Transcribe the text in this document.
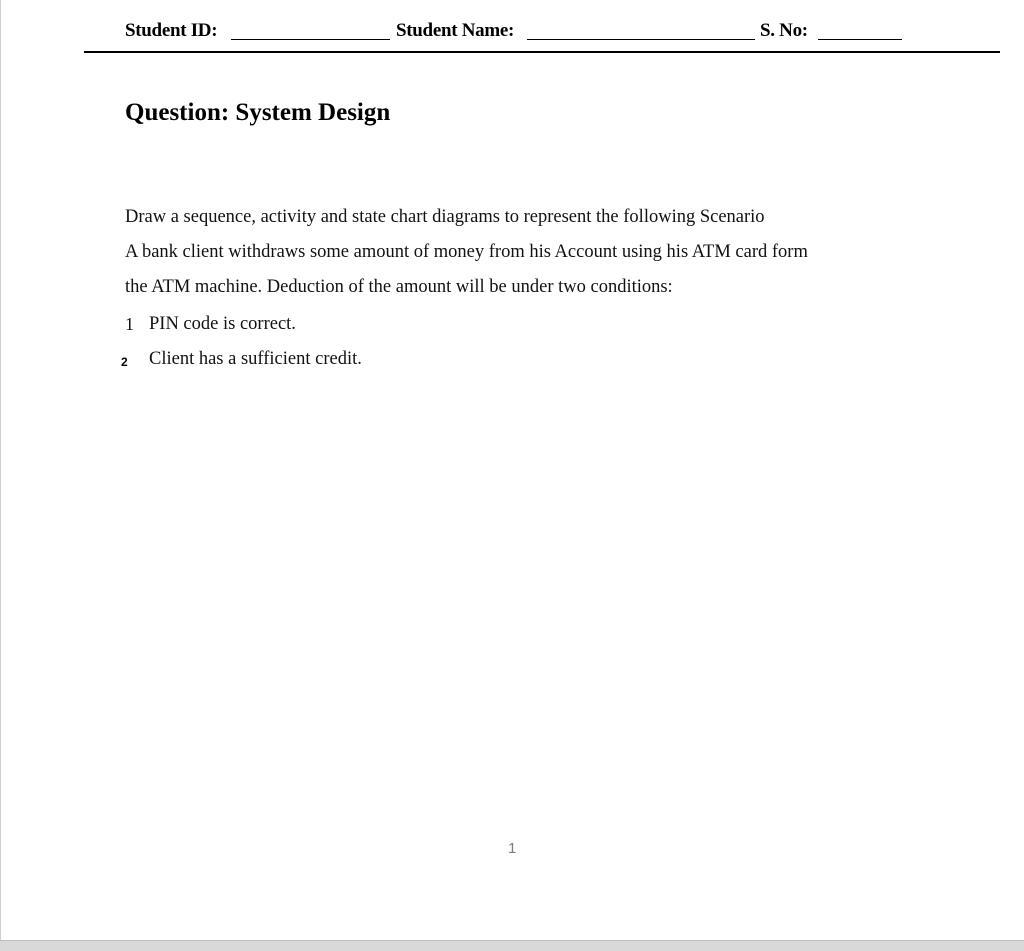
Student ID:	Student Name:	S. No:
Question: System Design
Draw a sequence, activity and state chart diagrams to represent the following Scenario
A bank client withdraws some amount of money from his Account using his ATM card form
the ATM machine. Deduction of the amount will be under two conditions:
1 PIN code is correct.
2 Client has a sufficient credit.
1
